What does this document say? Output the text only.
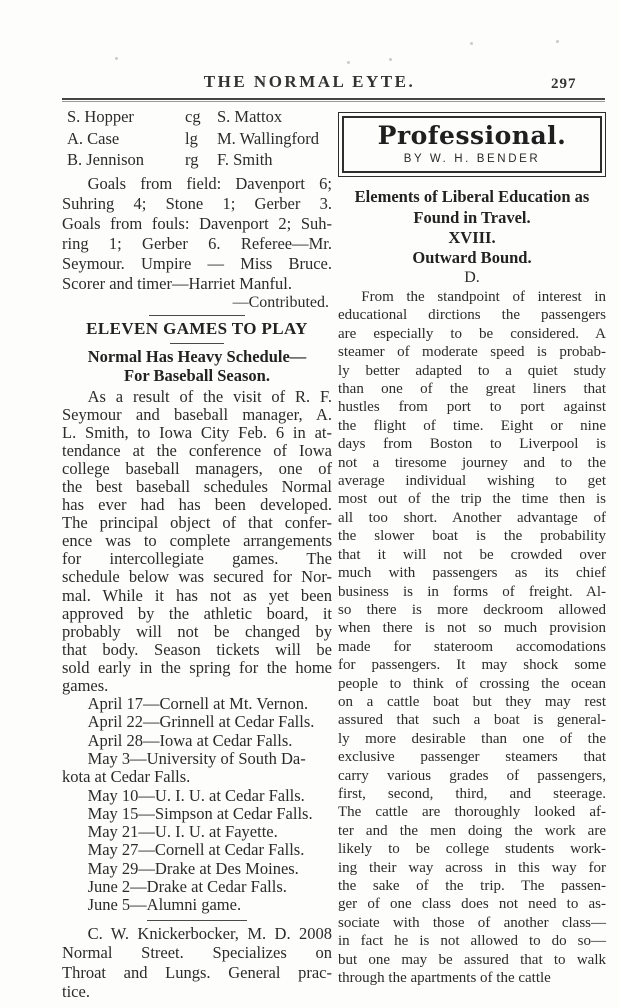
THE NORMAL EYTE.	297
S. Hopper	cg S. Mattox
A. Case	lg	M. Wallingford
B. Jennison	rg	F. Smith
Goals from field: Davenport 6;
Suhring 4; Stone 1; Gerber 3.
Goals from fouls: Davenport 2; Suh-
ring 1; Gerber 6. Referee—Mr.
Seymour. Umpire — Miss Bruce.
Scorer and timer—Harriet Manful.
—Contributed.
ELEVEN GAMES TO PLAY
Normal Has Heavy Schedule—
For Baseball Season.
As a result of the visit of R. F.
Seymour and baseball manager, A.
L. Smith, to Iowa City Feb. 6 in at-
tendance at the conference of Iowa
college baseball managers, one of
the best baseball schedules Normal
has ever had has been developed.
The principal object of that confer-
ence was to complete arrangements
for intercollegiate games. The
schedule below was secured for Nor-
mal. While it has not as yet been
approved by the athletic board, it
probably will not be changed by
that body. Season tickets will be
sold early in the spring for the home
games.
April 17—Cornell at Mt. Vernon.
April 22—Grinnell at Cedar Falls.
April 28—Iowa at Cedar Falls.
May 3—University of South Da-
kota at Cedar Falls.
May 10—U. I. U. at Cedar Falls.
May 15—Simpson at Cedar Falls.
May 21—U. I. U. at Fayette.
May 27—Cornell at Cedar Falls.
May 29—Drake at Des Moines.
June 2—Drake at Cedar Falls.
June 5—Alumni game.
C. W. Knickerbocker, M. D. 2008
Normal Street. Specializes on
Throat and Lungs. General prac-
tice.
Professional.
BY W. H. BENDER
Elements of Liberal Education as
Found in Travel.
XVIII.
Outward Bound.
D.
From the standpoint of interest in
educational dirctions the passengers
are especially to be considered. A
steamer of moderate speed is probab-
ly better adapted to a quiet study
than one of the great liners that
hustles from port to port against
the flight of time. Eight or nine
days from Boston to Liverpool is
not a tiresome journey and to the
average individual wishing to get
most out of the trip the time then is
all too short. Another advantage of
the slower boat is the probability
that it will not be crowded over
much with passengers as its chief
business is in forms of freight. Al-
so there is more deckroom allowed
when there is not so much provision
made for stateroom accomodations
for passengers. It may shock some
people to think of crossing the ocean
on a cattle boat but they may rest
assured that such a boat is general-
ly more desirable than one of the
exclusive passenger steamers that
carry various grades of passengers,
first, second, third, and steerage.
The cattle are thoroughly looked af-
ter and the men doing the work are
likely to be college students work-
ing their way across in this way for
the sake of the trip. The passen-
ger of one class does not need to as-
sociate with those of another class—
in fact he is not allowed to do so—
but one may be assured that to walk
through the apartments of the cattle
